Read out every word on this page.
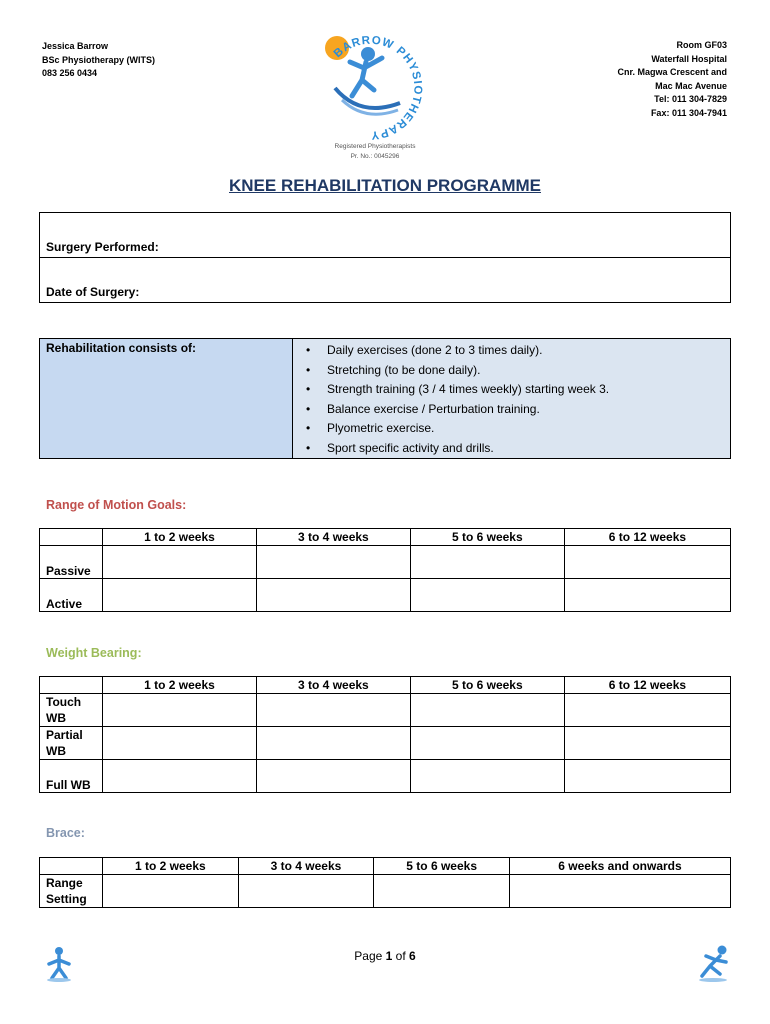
Jessica Barrow
BSc Physiotherapy (WITS)
083 256 0434
BARROW PHYSIOTHERAPY
Registered Physiotherapists
Pr. No.: 0045296
Room GF03
Waterfall Hospital
Cnr. Magwa Crescent and
Mac Mac Avenue
Tel: 011 304-7829
Fax: 011 304-7941
KNEE REHABILITATION PROGRAMME
Surgery Performed:
Date of Surgery:
Rehabilitation consists of:	
•Daily exercises (done 2 to 3 times daily).
• Stretching (to be done daily).
• Strength training (3 / 4 times weekly) starting week 3.
• Balance exercise / Perturbation training.
• Plyometric exercise.
• Sport specific activity and drills.
Range of Motion Goals:
	1 to 2 weeks	3 to 4 weeks	5 to 6 weeks	6 to 12 weeks
Passive				
Active				
Weight Bearing:
	1 to 2 weeks	3 to 4 weeks	5 to 6 weeks	6 to 12 weeks
Touch WB				
Partial WB				
Full WB				
Brace:
	1 to 2 weeks	3 to 4 weeks	5 to 6 weeks	6 weeks and onwards
Range Setting				
Page 1 of 6
